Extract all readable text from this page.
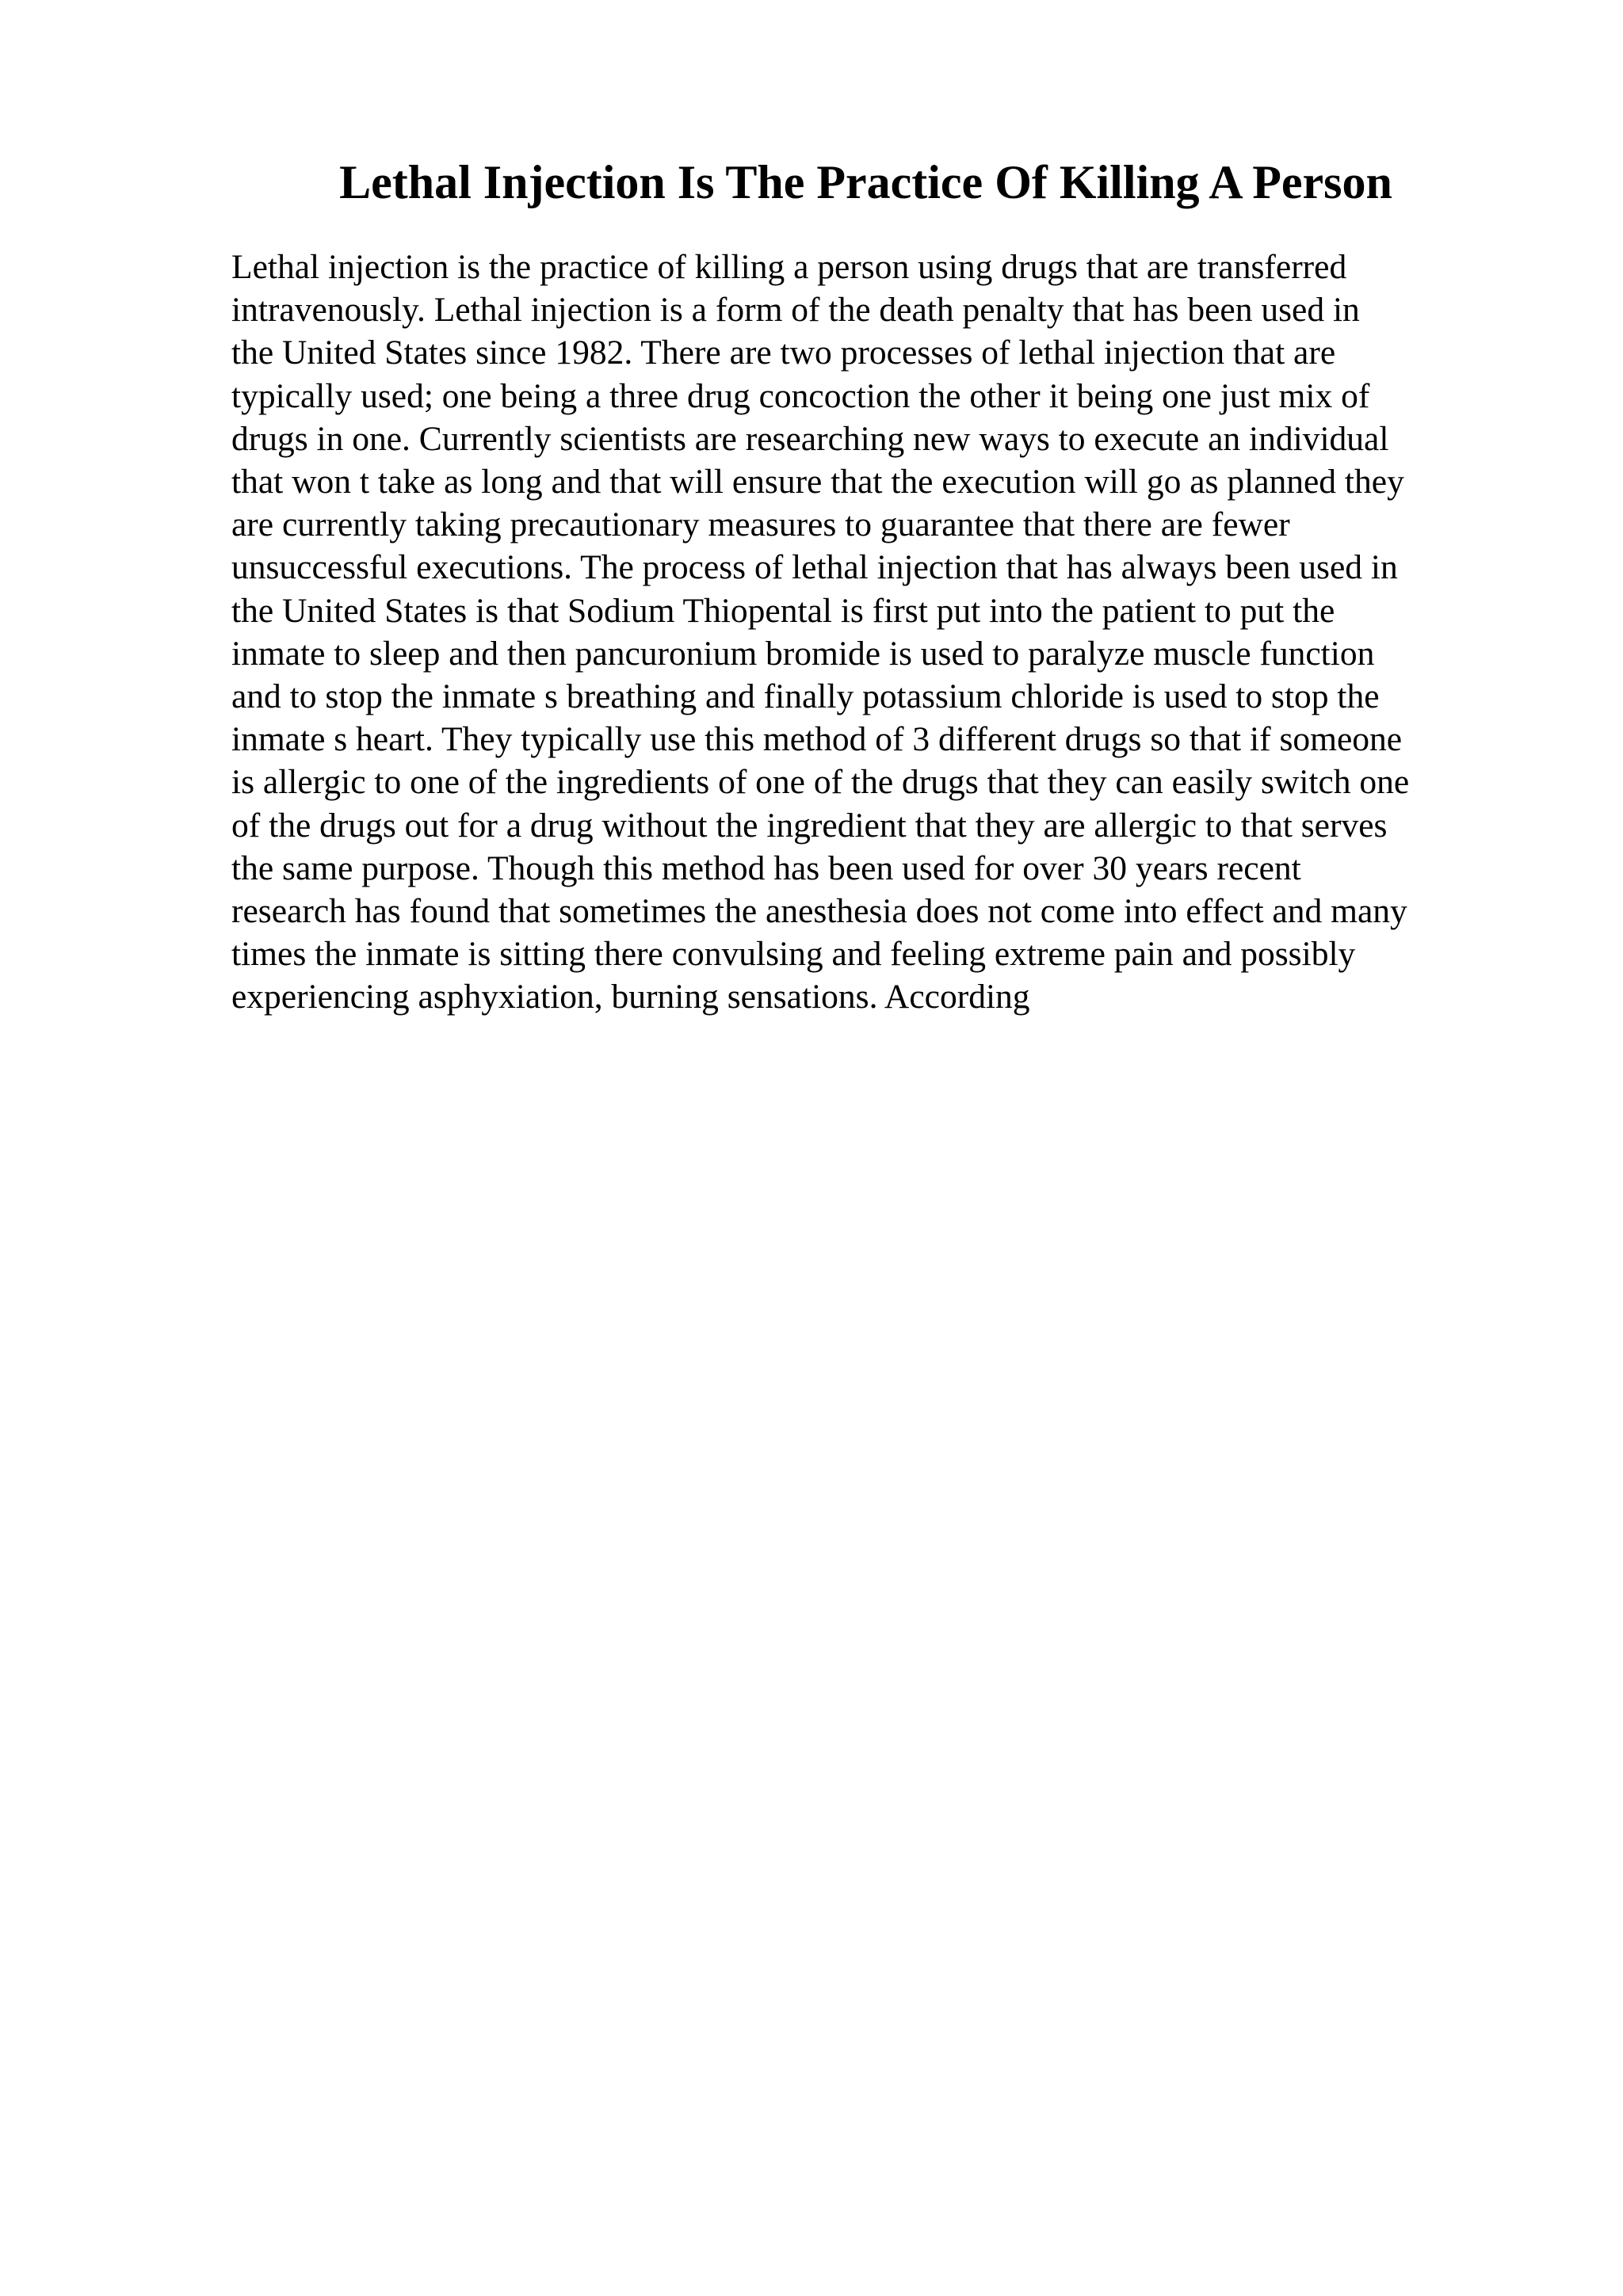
Lethal Injection Is The Practice Of Killing A Person
Lethal injection is the practice of killing a person using drugs that are transferred
intravenously. Lethal injection is a form of the death penalty that has been used in
the United States since 1982. There are two processes of lethal injection that are
typically used; one being a three drug concoction the other it being one just mix of
drugs in one. Currently scientists are researching new ways to execute an individual
that won t take as long and that will ensure that the execution will go as planned they
are currently taking precautionary measures to guarantee that there are fewer
unsuccessful executions. The process of lethal injection that has always been used in
the United States is that Sodium Thiopental is first put into the patient to put the
inmate to sleep and then pancuronium bromide is used to paralyze muscle function
and to stop the inmate s breathing and finally potassium chloride is used to stop the
inmate s heart. They typically use this method of 3 different drugs so that if someone
is allergic to one of the ingredients of one of the drugs that they can easily switch one
of the drugs out for a drug without the ingredient that they are allergic to that serves
the same purpose. Though this method has been used for over 30 years recent
research has found that sometimes the anesthesia does not come into effect and many
times the inmate is sitting there convulsing and feeling extreme pain and possibly
experiencing asphyxiation, burning sensations. According
